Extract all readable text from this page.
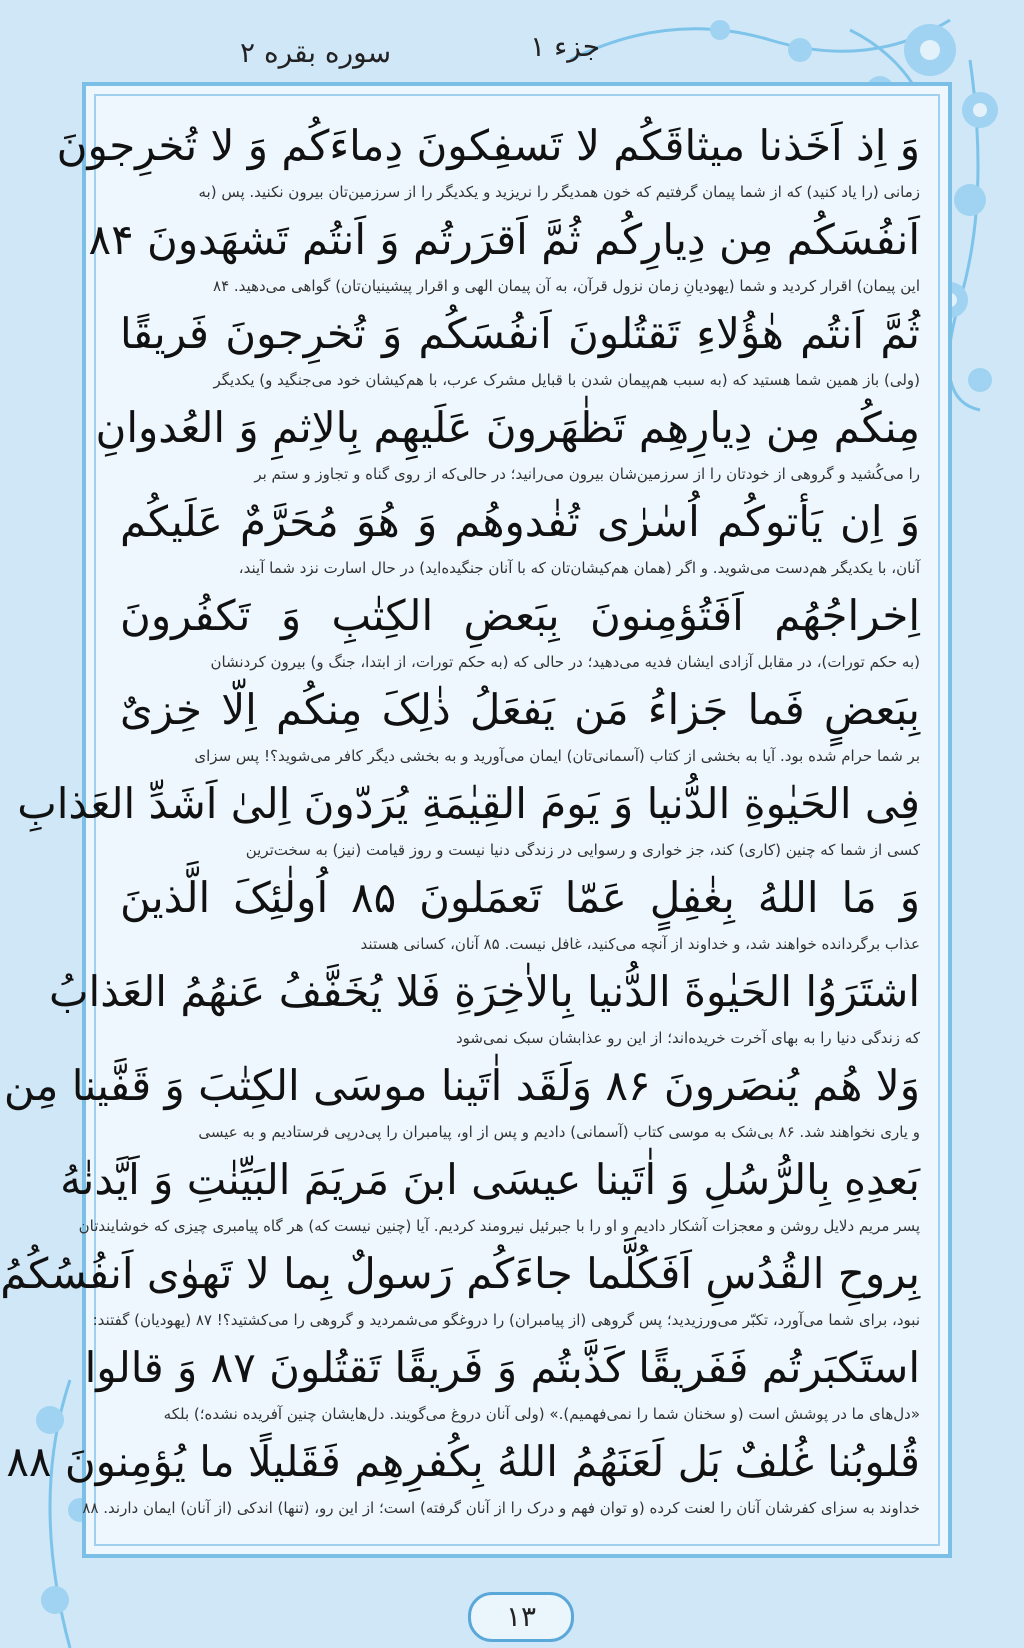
جزء ۱
سوره بقره ۲
وَ اِذ اَخَذنا میثاقَکُم لا تَسفِکونَ دِماءَکُم وَ لا تُخرِجونَ
زمانی (را یاد کنید) که از شما پیمان گرفتیم که خون همدیگر را نریزید و یکدیگر را از سرزمین‌تان بیرون نکنید. پس (به
اَنفُسَکُم مِن دِیارِکُم ثُمَّ اَقرَرتُم وَ اَنتُم تَشهَدونَ ۸۴
این پیمان) اقرار کردید و شما (یهودیانِ زمان نزول قرآن، به آن پیمان الهی و اقرار پیشینیان‌تان) گواهی می‌دهید. ۸۴
ثُمَّ اَنتُم هٰؤُلاءِ تَقتُلونَ اَنفُسَکُم وَ تُخرِجونَ فَریقًا
(ولی) باز همین شما هستید که (به سبب هم‌پیمان شدن با قبایل مشرک عرب، با هم‌کیشان خود می‌جنگید و) یکدیگر
مِنکُم مِن دِیارِهِم تَظٰهَرونَ عَلَیهِم بِالاِثمِ وَ العُدوانِ
را می‌کُشید و گروهی از خودتان را از سرزمین‌شان بیرون می‌رانید؛ در حالی‌که از روی گناه و تجاوز و ستم بر
وَ اِن یَأتوکُم اُسٰرٰی تُفٰدوهُم وَ هُوَ مُحَرَّمٌ عَلَیکُم
آنان، با یکدیگر هم‌دست می‌شوید. و اگر (همان هم‌کیشان‌تان که با آنان جنگیده‌اید) در حال اسارت نزد شما آیند،
اِخراجُهُم اَفَتُؤمِنونَ بِبَعضِ الکِتٰبِ وَ تَکفُرونَ
(به حکم تورات)، در مقابل آزادی ایشان فدیه می‌دهید؛ در حالی که (به حکم تورات، از ابتدا، جنگ و) بیرون کردنشان
بِبَعضٍ فَما جَزاءُ مَن یَفعَلُ ذٰلِکَ مِنکُم اِلّا خِزیٌ
بر شما حرام شده بود. آیا به بخشی از کتاب (آسمانی‌تان) ایمان می‌آورید و به بخشی دیگر کافر می‌شوید؟! پس سزای
فِی الحَیٰوةِ الدُّنیا وَ یَومَ القِیٰمَةِ یُرَدّونَ اِلیٰ اَشَدِّ العَذابِ
کسی از شما که چنین (کاری) کند، جز خواری و رسوایی در زندگی دنیا نیست و روز قیامت (نیز) به سخت‌ترین
وَ مَا اللهُ بِغٰفِلٍ عَمّا تَعمَلونَ ۸۵ اُولٰئِکَ الَّذینَ
عذاب برگردانده خواهند شد، و خداوند از آنچه می‌کنید، غافل نیست. ۸۵ آنان، کسانی هستند
اشتَرَوُا الحَیٰوةَ الدُّنیا بِالاٰخِرَةِ فَلا یُخَفَّفُ عَنهُمُ العَذابُ
که زندگی دنیا را به بهای آخرت خریده‌اند؛ از این رو عذابشان سبک نمی‌شود
وَلا هُم یُنصَرونَ ۸۶ وَلَقَد اٰتَینا موسَی الکِتٰبَ وَ قَفَّینا مِن
و یاری نخواهند شد. ۸۶ بی‌شک به موسی کتاب (آسمانی) دادیم و پس از او، پیامبران را پی‌درپی فرستادیم و به عیسی
بَعدِهِ بِالرُّسُلِ وَ اٰتَینا عیسَی ابنَ مَریَمَ البَیِّنٰتِ وَ اَیَّدنٰهُ
پسر مریم دلایل روشن و معجزات آشکار دادیم و او را با جبرئیل نیرومند کردیم. آیا (چنین نیست که) هر گاه پیامبری چیزی که خوشایندتان
بِروحِ القُدُسِ اَفَکُلَّما جاءَکُم رَسولٌ بِما لا تَهوٰی اَنفُسُکُمُ
نبود، برای شما می‌آورد، تکبّر می‌ورزیدید؛ پس گروهی (از پیامبران) را دروغگو می‌شمردید و گروهی را می‌کشتید؟! ۸۷ (یهودیان) گفتند:
استَکبَرتُم فَفَریقًا کَذَّبتُم وَ فَریقًا تَقتُلونَ ۸۷ وَ قالوا
«دل‌های ما در پوشش است (و سخنان شما را نمی‌فهمیم).» (ولی آنان دروغ می‌گویند. دل‌هایشان چنین آفریده نشده؛) بلکه
قُلوبُنا غُلفٌ بَل لَعَنَهُمُ اللهُ بِکُفرِهِم فَقَلیلًا ما یُؤمِنونَ ۸۸
خداوند به سزای کفرشان آنان را لعنت کرده (و توان فهم و درک را از آنان گرفته) است؛ از این رو، (تنها) اندکی (از آنان) ایمان دارند. ۸۸
۱۳
